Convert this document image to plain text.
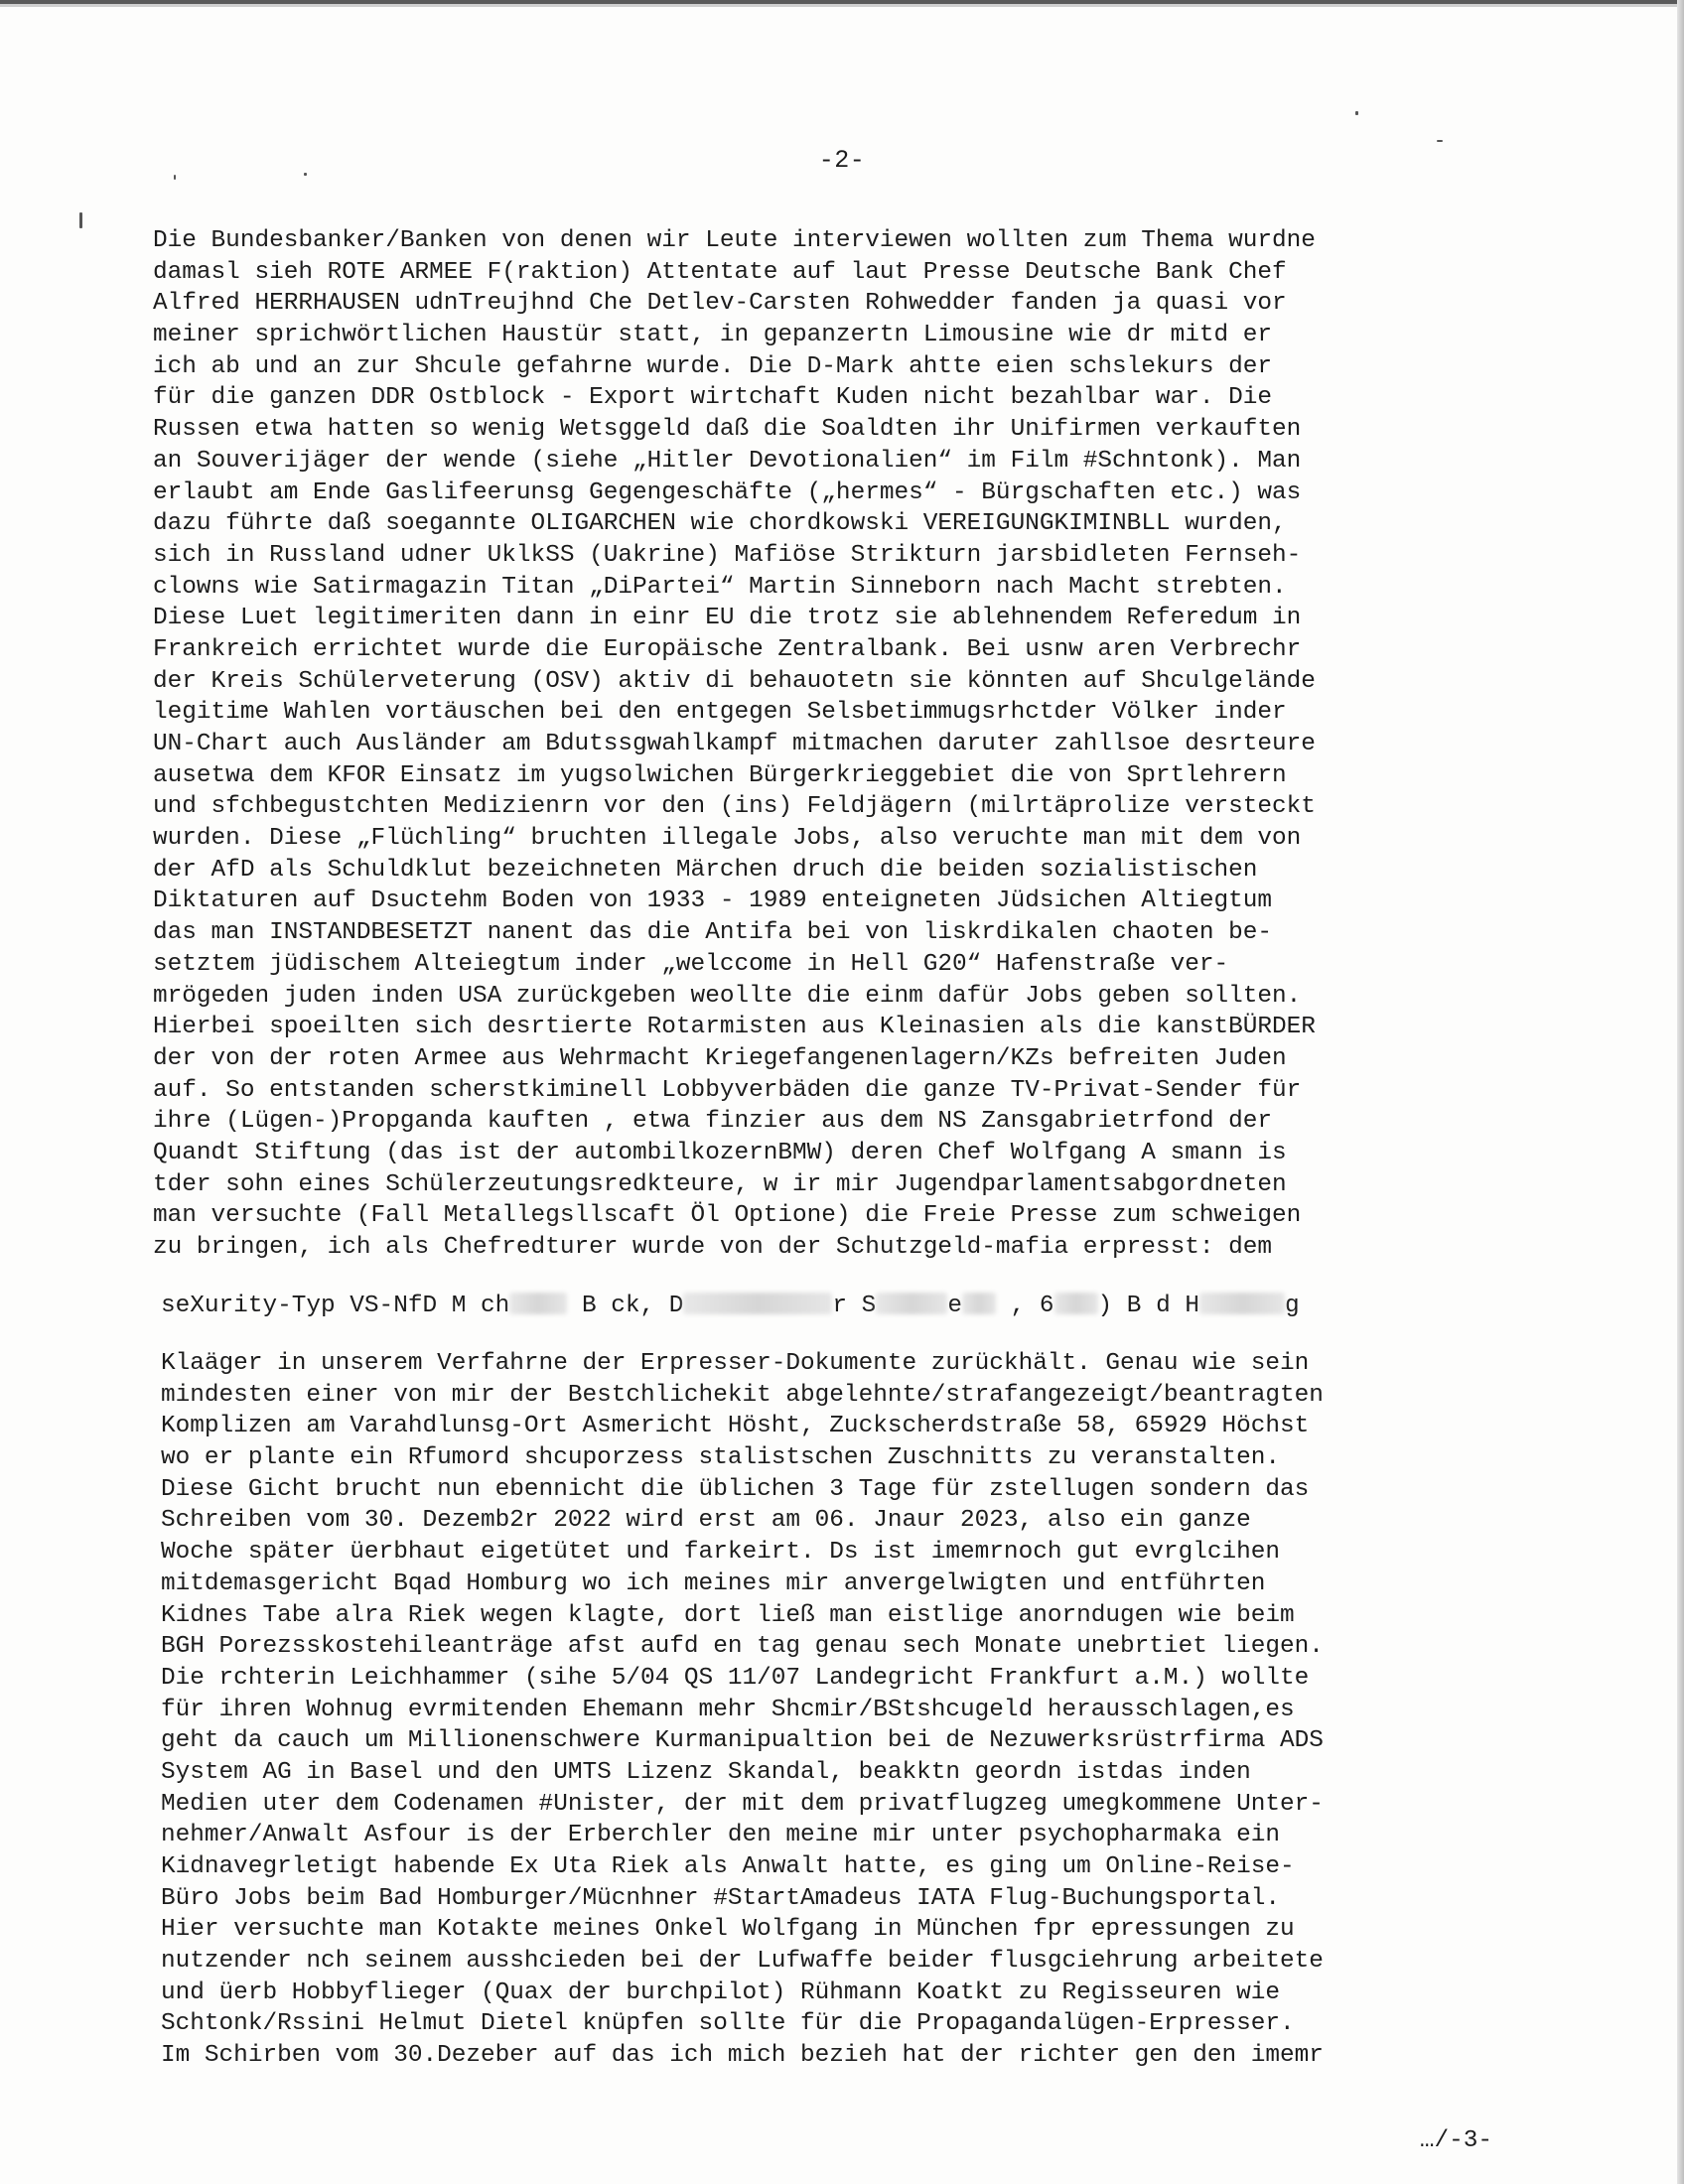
-2-
Die Bundesbanker/Banken von denen wir Leute interviewen wollten zum Thema wurdne
damasl sieh ROTE ARMEE F(raktion) Attentate auf laut Presse Deutsche Bank Chef
Alfred HERRHAUSEN udnTreujhnd Che Detlev-Carsten Rohwedder fanden ja quasi vor
meiner sprichwörtlichen Haustür statt, in gepanzertn Limousine wie dr mitd er
ich ab und an zur Shcule gefahrne wurde. Die D-Mark ahtte eien schslekurs der
für die ganzen DDR Ostblock - Export wirtchaft Kuden nicht bezahlbar war. Die
Russen etwa hatten so wenig Wetsggeld daß die Soaldten ihr Unifirmen verkauften
an Souverijäger der wende (siehe „Hitler Devotionalien“ im Film #Schntonk). Man
erlaubt am Ende Gaslifeerunsg Gegengeschäfte („hermes“ - Bürgschaften etc.) was
dazu führte daß soegannte OLIGARCHEN wie chordkowski VEREIGUNGKIMINBLL wurden,
sich in Russland udner UklkSS (Uakrine) Mafiöse Strikturn jarsbidleten Fernseh-
clowns wie Satirmagazin Titan „DiPartei“ Martin Sinneborn nach Macht strebten.
Diese Luet legitimeriten dann in einr EU die trotz sie ablehnendem Referedum in
Frankreich errichtet wurde die Europäische Zentralbank. Bei usnw aren Verbrechr
der Kreis Schülerveterung (OSV) aktiv di behauotetn sie könnten auf Shculgelände
legitime Wahlen vortäuschen bei den entgegen Selsbetimmugsrhctder Völker inder
UN-Chart auch Ausländer am Bdutssgwahlkampf mitmachen daruter zahllsoe desrteure
ausetwa dem KFOR Einsatz im yugsolwichen Bürgerkrieggebiet die von Sprtlehrern
und sfchbegustchten Medizienrn vor den (ins) Feldjägern (milrtäprolize versteckt
wurden. Diese „Flüchling“ bruchten illegale Jobs, also veruchte man mit dem von
der AfD als Schuldklut bezeichneten Märchen druch die beiden sozialistischen
Diktaturen auf Dsuctehm Boden von 1933 - 1989 enteigneten Jüdsichen Altiegtum
das man INSTANDBESETZT nanent das die Antifa bei von liskrdikalen chaoten be-
setztem jüdischem Alteiegtum inder „welccome in Hell G20“ Hafenstraße ver-
mrögeden juden inden USA zurückgeben weollte die einm dafür Jobs geben sollten.
Hierbei spoeilten sich desrtierte Rotarmisten aus Kleinasien als die kanstBÜRDER
der von der roten Armee aus Wehrmacht Kriegefangenenlagern/KZs befreiten Juden
auf. So entstanden scherstkiminell Lobbyverbäden die ganze TV-Privat-Sender für
ihre (Lügen-)Propganda kauften , etwa finzier aus dem NS Zansgabrietrfond der
Quandt Stiftung (das ist der autombilkozernBMW) deren Chef Wolfgang A smann is
tder sohn eines Schülerzeutungsredkteure, w ir mir Jugendparlamentsabgordneten
man versuchte (Fall Metallegsllscaft Öl Optione) die Freie Presse zum schweigen
zu bringen, ich als Chefredturer wurde von der Schutzgeld-mafia erpresst: dem
seXurity-Typ VS-NfD M ch	B ck, D	r S	e , 6 ) B d H	g
Klaäger in unserem Verfahrne der Erpresser-Dokumente zurückhält. Genau wie sein
mindesten einer von mir der Bestchlichekit abgelehnte/strafangezeigt/beantragten
Komplizen am Varahdlunsg-Ort Asmericht Hösht, Zuckscherdstraße 58, 65929 Höchst
wo er plante ein Rfumord shcuporzess stalistschen Zuschnitts zu veranstalten.
Diese Gicht brucht nun ebennicht die üblichen 3 Tage für zstellugen sondern das
Schreiben vom 30. Dezemb2r 2022 wird erst am 06. Jnaur 2023, also ein ganze
Woche später üerbhaut eigetütet und farkeirt. Ds ist imemrnoch gut evrglcihen
mitdemasgericht Bqad Homburg wo ich meines mir anvergelwigten und entführten
Kidnes Tabe alra Riek wegen klagte, dort ließ man eistlige anorndugen wie beim
BGH Porezsskostehileanträge afst aufd en tag genau sech Monate unebrtiet liegen.
Die rchterin Leichhammer (sihe 5/04 QS 11/07 Landegricht Frankfurt a.M.) wollte
für ihren Wohnug evrmitenden Ehemann mehr Shcmir/BStshcugeld herausschlagen,es
geht da cauch um Millionenschwere Kurmanipualtion bei de Nezuwerksrüstrfirma ADS
System AG in Basel und den UMTS Lizenz Skandal, beakktn geordn istdas inden
Medien uter dem Codenamen #Unister, der mit dem privatflugzeg umegkommene Unter-
nehmer/Anwalt Asfour is der Erberchler den meine mir unter psychopharmaka ein
Kidnavegrletigt habende Ex Uta Riek als Anwalt hatte, es ging um Online-Reise-
Büro Jobs beim Bad Homburger/Mücnhner #StartAmadeus IATA Flug-Buchungsportal.
Hier versuchte man Kotakte meines Onkel Wolfgang in München fpr epressungen zu
nutzender nch seinem ausshcieden bei der Lufwaffe beider flusgciehrung arbeitete
und üerb Hobbyflieger (Quax der burchpilot) Rühmann Koatkt zu Regisseuren wie
Schtonk/Rssini Helmut Dietel knüpfen sollte für die Propagandalügen-Erpresser.
Im Schirben vom 30.Dezeber auf das ich mich bezieh hat der richter gen den imemr
…/-3-
